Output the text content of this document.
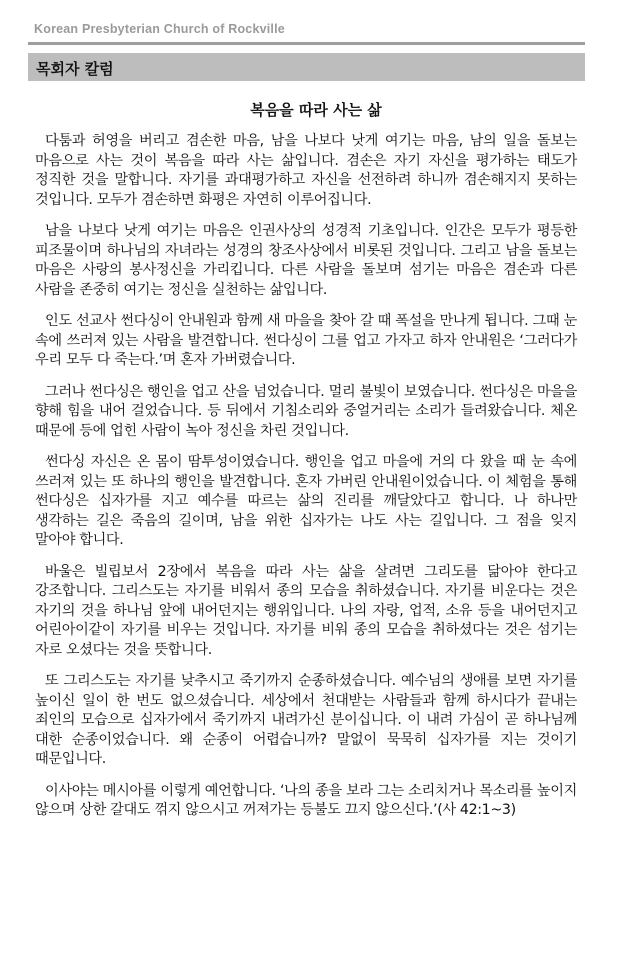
Korean Presbyterian Church of Rockville
목회자 칼럼
복음을 따라 사는 삶

다툼과 허영을 버리고 겸손한 마음, 남을 나보다 낫게 여기는 마음, 남의 일을 돌보는 마음으로 사는 것이 복음을 따라 사는 삶입니다. 겸손은 자기 자신을 평가하는 태도가 정직한 것을 말합니다. 자기를 과대평가하고 자신을 선전하려 하니까 겸손해지지 못하는 것입니다. 모두가 겸손하면 화평은 자연히 이루어집니다.

남을 나보다 낫게 여기는 마음은 인권사상의 성경적 기초입니다. 인간은 모두가 평등한 피조물이며 하나님의 자녀라는 성경의 창조사상에서 비롯된 것입니다. 그리고 남을 돌보는 마음은 사랑의 봉사정신을 가리킵니다. 다른 사람을 돌보며 섬기는 마음은 겸손과 다른 사람을 존중히 여기는 정신을 실천하는 삶입니다.

인도 선교사 썬다싱이 안내원과 함께 새 마을을 찾아 갈 때 폭설을 만나게 됩니다. 그때 눈 속에 쓰러져 있는 사람을 발견합니다. 썬다싱이 그를 업고 가자고 하자 안내원은 ‘그러다가 우리 모두 다 죽는다.’며 혼자 가버렸습니다.

그러나 썬다싱은 행인을 업고 산을 넘었습니다. 멀리 불빛이 보였습니다. 썬다싱은 마을을 향해 힘을 내어 걸었습니다. 등 뒤에서 기침소리와 중얼거리는 소리가 들려왔습니다. 체온 때문에 등에 업힌 사람이 녹아 정신을 차린 것입니다.

썬다싱 자신은 온 몸이 땀투성이였습니다. 행인을 업고 마을에 거의 다 왔을 때 눈 속에 쓰러져 있는 또 하나의 행인을 발견합니다. 혼자 가버린 안내원이었습니다. 이 체험을 통해 썬다싱은 십자가를 지고 예수를 따르는 삶의 진리를 깨달았다고 합니다. 나 하나만 생각하는 길은 죽음의 길이며, 남을 위한 십자가는 나도 사는 길입니다. 그 점을 잊지 말아야 합니다.

바울은 빌립보서 2장에서 복음을 따라 사는 삶을 살려면 그리도를 닮아야 한다고 강조합니다. 그리스도는 자기를 비워서 종의 모습을 취하셨습니다. 자기를 비운다는 것은 자기의 것을 하나님 앞에 내어던지는 행위입니다. 나의 자랑, 업적, 소유 등을 내어던지고 어린아이같이 자기를 비우는 것입니다. 자기를 비워 종의 모습을 취하셨다는 것은 섬기는 자로 오셨다는 것을 뜻합니다.

또 그리스도는 자기를 낮추시고 죽기까지 순종하셨습니다. 예수님의 생애를 보면 자기를 높이신 일이 한 번도 없으셨습니다. 세상에서 천대받는 사람들과 함께 하시다가 끝내는 죄인의 모습으로 십자가에서 죽기까지 내려가신 분이십니다. 이 내려 가심이 곧 하나님께 대한 순종이었습니다. 왜 순종이 어렵습니까? 말없이 묵묵히 십자가를 지는 것이기 때문입니다.

이사야는 메시아를 이렇게 예언합니다. ‘나의 종을 보라 그는 소리치거나 목소리를 높이지 않으며 상한 갈대도 꺾지 않으시고 꺼져가는 등불도 끄지 않으신다.’(사 42:1~3)
